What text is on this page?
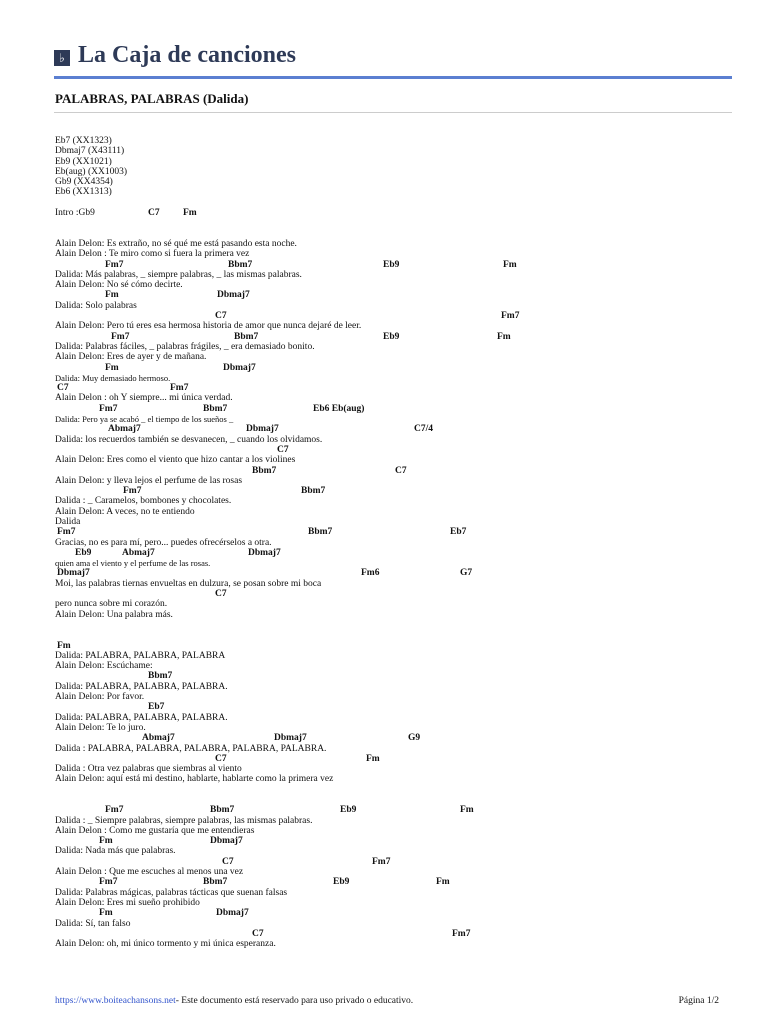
♭ La Caja de canciones
PALABRAS, PALABRAS (Dalida)
Eb7 (XX1323)
Dbmaj7 (X43111)
Eb9 (XX1021)
Eb(aug) (XX1003)
Gb9 (XX4354)
Eb6 (XX1313)
Intro :Gb9	C7 Fm
Alain Delon: Es extraño, no sé qué me está pasando esta noche.
Alain Delon : Te miro como si fuera la primera vez
Fm7	Bbm7	Eb9	Fm
Dalida: Más palabras, _ siempre palabras, _ las mismas palabras.
Alain Delon: No sé cómo decirte.
Fm	Dbmaj7
Dalida: Solo palabras
C7	Fm7
Alain Delon: Pero tú eres esa hermosa historia de amor que nunca dejaré de leer.
Fm7	Bbm7	Eb9	Fm
Dalida: Palabras fáciles, _ palabras frágiles, _ era demasiado bonito.
Alain Delon: Eres de ayer y de mañana.
Fm	Dbmaj7
Dalida: Muy demasiado hermoso.
C7	Fm7
Alain Delon : oh Y siempre... mi única verdad.
Fm7	Bbm7	Eb6 Eb(aug)
Dalida: Pero ya se acabó _ el tiempo de los sueños _
Abmaj7	Dbmaj7	C7/4
Dalida: los recuerdos también se desvanecen, _ cuando los olvidamos.
C7
Alain Delon: Eres como el viento que hizo cantar a los violines
Bbm7	C7
Alain Delon: y lleva lejos el perfume de las rosas
Fm7	Bbm7
Dalida : _ Caramelos, bombones y chocolates.
Alain Delon: A veces, no te entiendo
Dalida
Fm7	Bbm7	Eb7
Gracias, no es para mí, pero... puedes ofrecérselos a otra.
Eb9	Abmaj7	Dbmaj7
quien ama el viento y el perfume de las rosas.
Dbmaj7	Fm6	G7
Moi, las palabras tiernas envueltas en dulzura, se posan sobre mi boca
C7
pero nunca sobre mi corazón.
Alain Delon: Una palabra más.
Fm
Dalida: PALABRA, PALABRA, PALABRA
Alain Delon: Escúchame:
Bbm7
Dalida: PALABRA, PALABRA, PALABRA.
Alain Delon: Por favor.
Eb7
Dalida: PALABRA, PALABRA, PALABRA.
Alain Delon: Te lo juro.
Abmaj7	Dbmaj7	G9
Dalida : PALABRA, PALABRA, PALABRA, PALABRA, PALABRA.
C7	Fm
Dalida : Otra vez palabras que siembras al viento
Alain Delon: aquí está mi destino, hablarte, hablarte como la primera vez
Fm7	Bbm7	Eb9	Fm
Dalida : _ Siempre palabras, siempre palabras, las mismas palabras.
Alain Delon : Como me gustaría que me entendieras
Fm	Dbmaj7
Dalida: Nada más que palabras.
C7	Fm7
Alain Delon : Que me escuches al menos una vez
Fm7	Bbm7	Eb9	Fm
Dalida: Palabras mágicas, palabras tácticas que suenan falsas
Alain Delon: Eres mi sueño prohibido
Fm	Dbmaj7
Dalida: Sí, tan falso
C7	Fm7
Alain Delon: oh, mi único tormento y mi única esperanza.
https://www.boiteachansons.net- Este documento está reservado para uso privado o educativo.	Página 1/2
